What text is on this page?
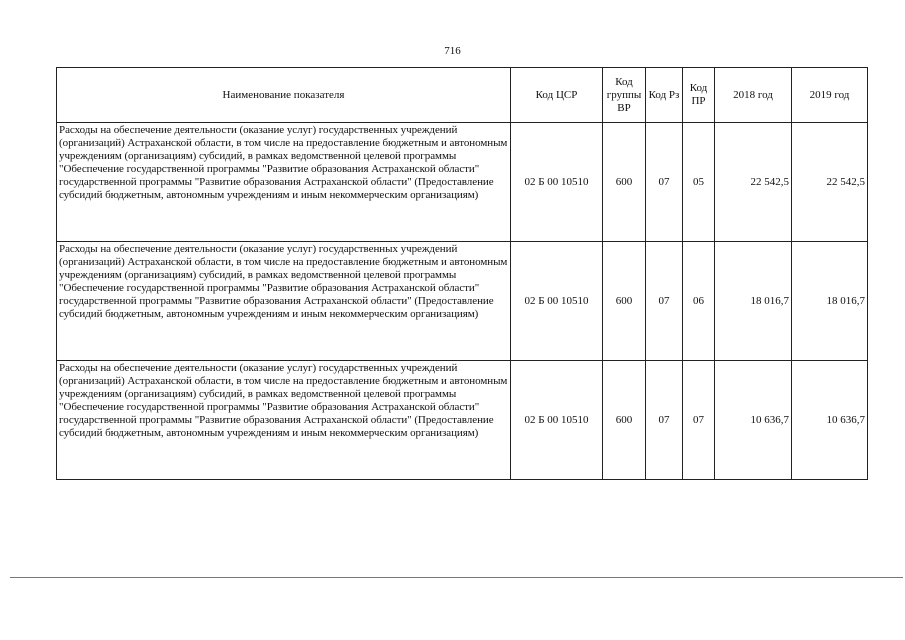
716
Наименование показателя	Код ЦСР	Код группы ВР	Код Рз	Код ПР	2018 год	2019 год
Расходы на обеспечение деятельности (оказание услуг) государственных учреждений (организаций) Астраханской области, в том числе на предоставление бюджетным и автономным учреждениям (организациям) субсидий, в рамках ведомственной целевой программы "Обеспечение государственной программы "Развитие образования Астраханской области" государственной программы "Развитие образования Астраханской области" (Предоставление субсидий бюджетным, автономным учреждениям и иным некоммерческим организациям)	02 Б 00 10510	600	07	05	22 542,5	22 542,5
Расходы на обеспечение деятельности (оказание услуг) государственных учреждений (организаций) Астраханской области, в том числе на предоставление бюджетным и автономным учреждениям (организациям) субсидий, в рамках ведомственной целевой программы "Обеспечение государственной программы "Развитие образования Астраханской области" государственной программы "Развитие образования Астраханской области" (Предоставление субсидий бюджетным, автономным учреждениям и иным некоммерческим организациям)	02 Б 00 10510	600	07	06	18 016,7	18 016,7
Расходы на обеспечение деятельности (оказание услуг) государственных учреждений (организаций) Астраханской области, в том числе на предоставление бюджетным и автономным учреждениям (организациям) субсидий, в рамках ведомственной целевой программы "Обеспечение государственной программы "Развитие образования Астраханской области" государственной программы "Развитие образования Астраханской области" (Предоставление субсидий бюджетным, автономным учреждениям и иным некоммерческим организациям)	02 Б 00 10510	600	07	07	10 636,7	10 636,7
